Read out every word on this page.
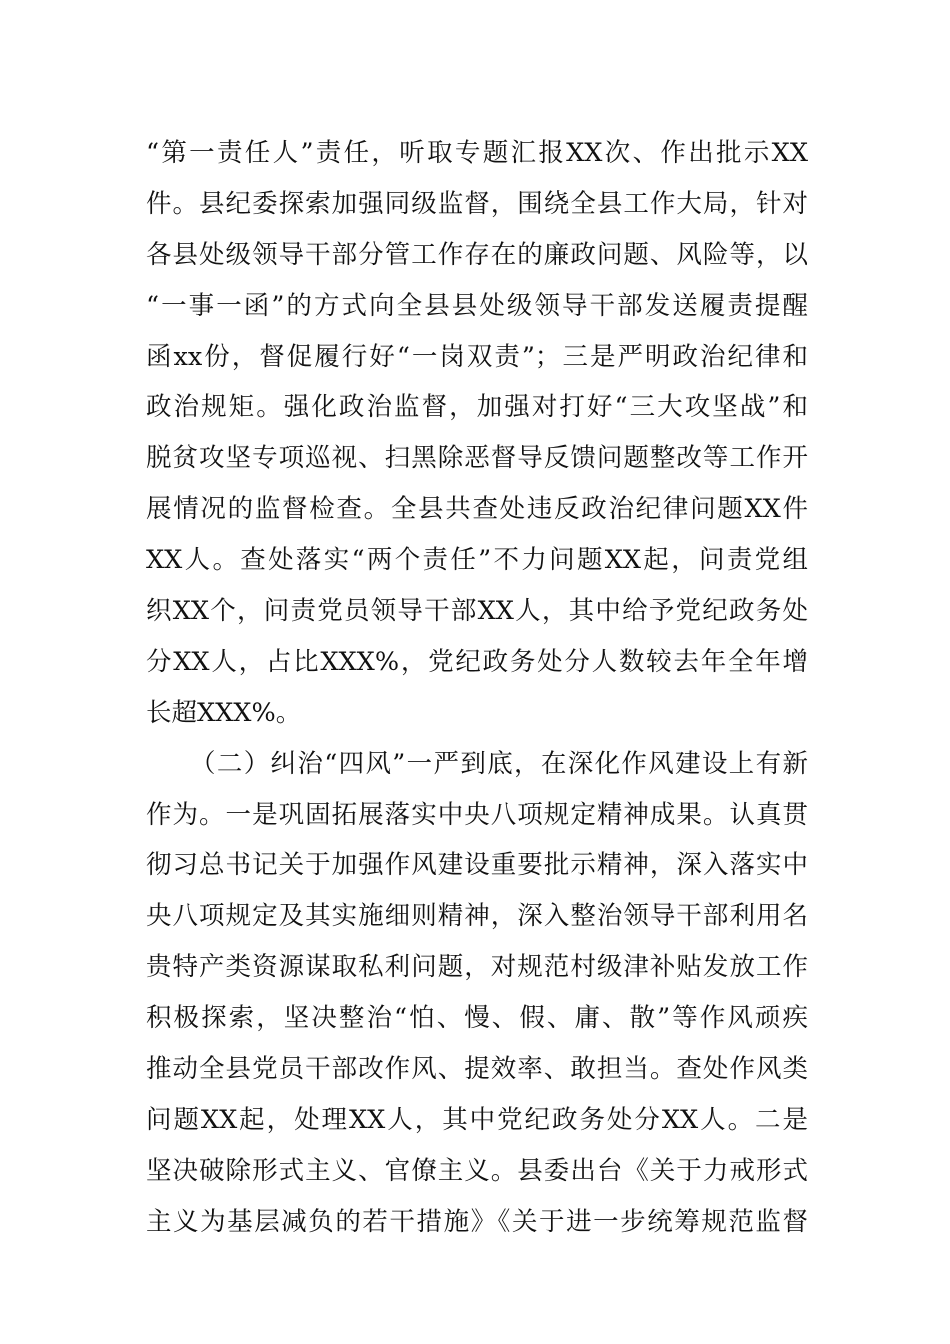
“第一责任人”责任，听取专题汇报XX次、作出批示XX
件。县纪委探索加强同级监督，围绕全县工作大局，针对
各县处级领导干部分管工作存在的廉政问题、风险等，以
“一事一函”的方式向全县县处级领导干部发送履责提醒
函xx份，督促履行好“一岗双责”；三是严明政治纪律和
政治规矩。强化政治监督，加强对打好“三大攻坚战”和
脱贫攻坚专项巡视、扫黑除恶督导反馈问题整改等工作开
展情况的监督检查。全县共查处违反政治纪律问题XX件
XX人。查处落实“两个责任”不力问题XX起，问责党组
织XX个，问责党员领导干部XX人，其中给予党纪政务处
分XX人，占比XXX%，党纪政务处分人数较去年全年增
长超XXX%。
（二）纠治“四风”一严到底，在深化作风建设上有新
作为。一是巩固拓展落实中央八项规定精神成果。认真贯
彻习总书记关于加强作风建设重要批示精神，深入落实中
央八项规定及其实施细则精神，深入整治领导干部利用名
贵特产类资源谋取私利问题，对规范村级津补贴发放工作
积极探索，坚决整治“怕、慢、假、庸、散”等作风顽疾
推动全县党员干部改作风、提效率、敢担当。查处作风类
问题XX起，处理XX人，其中党纪政务处分XX人。二是
坚决破除形式主义、官僚主义。县委出台《关于力戒形式
主义为基层减负的若干措施》《关于进一步统筹规范监督
